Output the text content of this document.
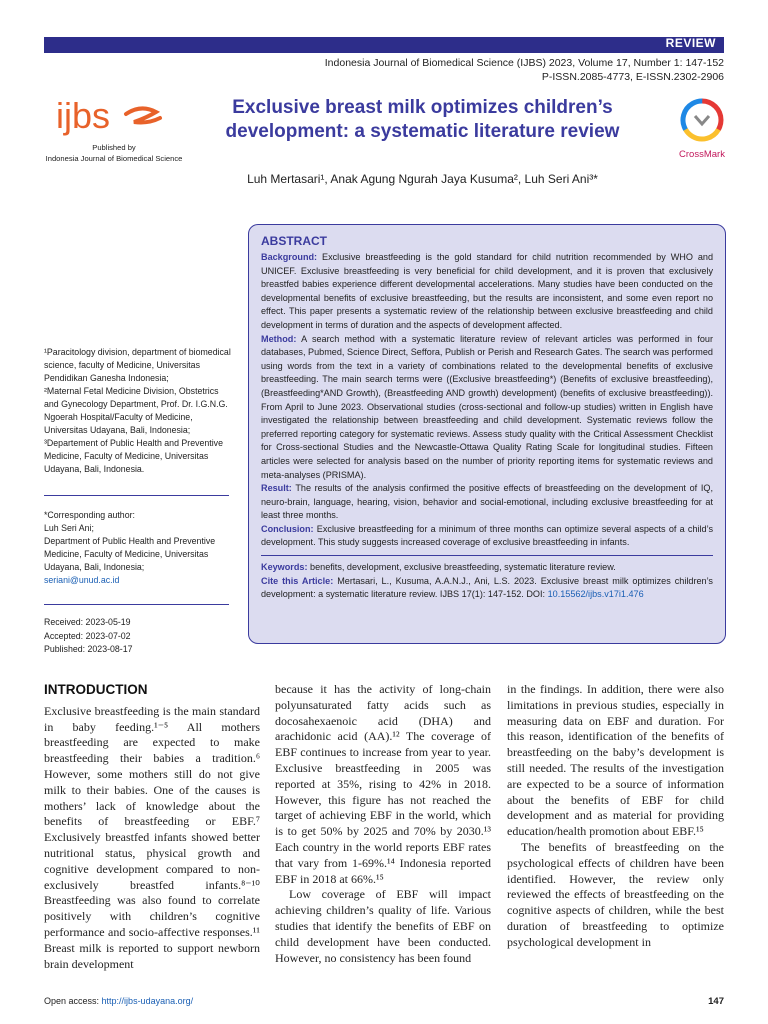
REVIEW
Indonesia Journal of Biomedical Science (IJBS) 2023, Volume 17, Number 1: 147-152
P-ISSN.2085-4773, E-ISSN.2302-2906
ijbs
Published by
Indonesia Journal of Biomedical Science
Exclusive breast milk optimizes children’s development: a systematic literature review
CrossMark
Luh Mertasari¹, Anak Agung Ngurah Jaya Kusuma², Luh Seri Ani³*
ABSTRACT

Background: Exclusive breastfeeding is the gold standard for child nutrition recommended by WHO and UNICEF. Exclusive breastfeeding is very beneficial for child development, and it is proven that exclusively breastfed babies experience different developmental accelerations. Many studies have been conducted on the developmental benefits of exclusive breastfeeding, but the results are inconsistent, and some even report no effect. This paper presents a systematic review of the relationship between exclusive breastfeeding and child development in terms of duration and the aspects of development affected.

Method: A search method with a systematic literature review of relevant articles was performed in four databases, Pubmed, Science Direct, Seffora, Publish or Perish and Research Gates. The search was performed using words from the text in a variety of combinations related to the developmental benefits of exclusive breastfeeding. The main search terms were ((Exclusive breastfeeding*) (Benefits of exclusive breastfeeding), (Breastfeeding*AND Growth), (Breastfeeding AND growth) development) (benefits of exclusive breastfeeding)). From April to June 2023. Observational studies (cross-sectional and follow-up studies) written in English have investigated the relationship between breastfeeding and child development. Systematic reviews follow the preferred reporting category for systematic reviews. Assess study quality with the Critical Assessment Checklist for Cross-sectional Studies and the Newcastle-Ottawa Quality Rating Scale for longitudinal studies. Fifteen articles were selected for analysis based on the number of priority reporting items for systematic reviews and meta-analyses (PRISMA).

Result: The results of the analysis confirmed the positive effects of breastfeeding on the development of IQ, neuro-brain, language, hearing, vision, behavior and social-emotional, including exclusive breastfeeding for at least three months.

Conclusion: Exclusive breastfeeding for a minimum of three months can optimize several aspects of a child’s development. This study suggests increased coverage of exclusive breastfeeding in infants.

Keywords: benefits, development, exclusive breastfeeding, systematic literature review.

Cite this Article: Mertasari, L., Kusuma, A.A.N.J., Ani, L.S. 2023. Exclusive breast milk optimizes children’s development: a systematic literature review. IJBS 17(1): 147-152. DOI: 10.15562/ijbs.v17i1.476

¹Paracitology division, department of biomedical science, faculty of Medicine, Universitas Pendidikan Ganesha Indonesia;

²Maternal Fetal Medicine Division, Obstetrics and Gynecology Department, Prof. Dr. I.G.N.G. Ngoerah Hospital/Faculty of Medicine, Universitas Udayana, Bali, Indonesia;

³Departement of Public Health and Preventive Medicine, Faculty of Medicine, Universitas Udayana, Bali, Indonesia.

*Corresponding author:

Luh Seri Ani;

Department of Public Health and Preventive Medicine, Faculty of Medicine, Universitas Udayana, Bali, Indonesia;

seriani@unud.ac.id

Received: 2023-05-19

Accepted: 2023-07-02

Published: 2023-08-17

INTRODUCTION

Exclusive breastfeeding is the main standard in baby feeding.¹⁻⁵ All mothers breastfeeding are expected to make breastfeeding their babies a tradition.⁶ However, some mothers still do not give milk to their babies. One of the causes is mothers’ lack of knowledge about the benefits of breastfeeding or EBF.⁷ Exclusively breastfed infants showed better nutritional status, physical growth and cognitive development compared to non-exclusively breastfed infants.⁸⁻¹⁰ Breastfeeding was also found to correlate positively with children’s cognitive performance and socio-affective responses.¹¹ Breast milk is reported to support newborn brain development

because it has the activity of long-chain polyunsaturated fatty acids such as docosahexaenoic acid (DHA) and arachidonic acid (AA).¹² The coverage of EBF continues to increase from year to year. Exclusive breastfeeding in 2005 was reported at 35%, rising to 42% in 2018. However, this figure has not reached the target of achieving EBF in the world, which is to get 50% by 2025 and 70% by 2030.¹³ Each country in the world reports EBF rates that vary from 1-69%.¹⁴ Indonesia reported EBF in 2018 at 66%.¹⁵

Low coverage of EBF will impact achieving children’s quality of life. Various studies that identify the benefits of EBF on child development have been conducted. However, no consistency has been found

in the findings. In addition, there were also limitations in previous studies, especially in measuring data on EBF and duration. For this reason, identification of the benefits of breastfeeding on the baby’s development is still needed. The results of the investigation are expected to be a source of information about the benefits of EBF for child development and as material for providing education/health promotion about EBF.¹⁵

The benefits of breastfeeding on the psychological effects of children have been identified. However, the review only reviewed the effects of breastfeeding on the cognitive aspects of children, while the best duration of breastfeeding to optimize psychological development in

Open access: http://ijbs-udayana.org/	147
